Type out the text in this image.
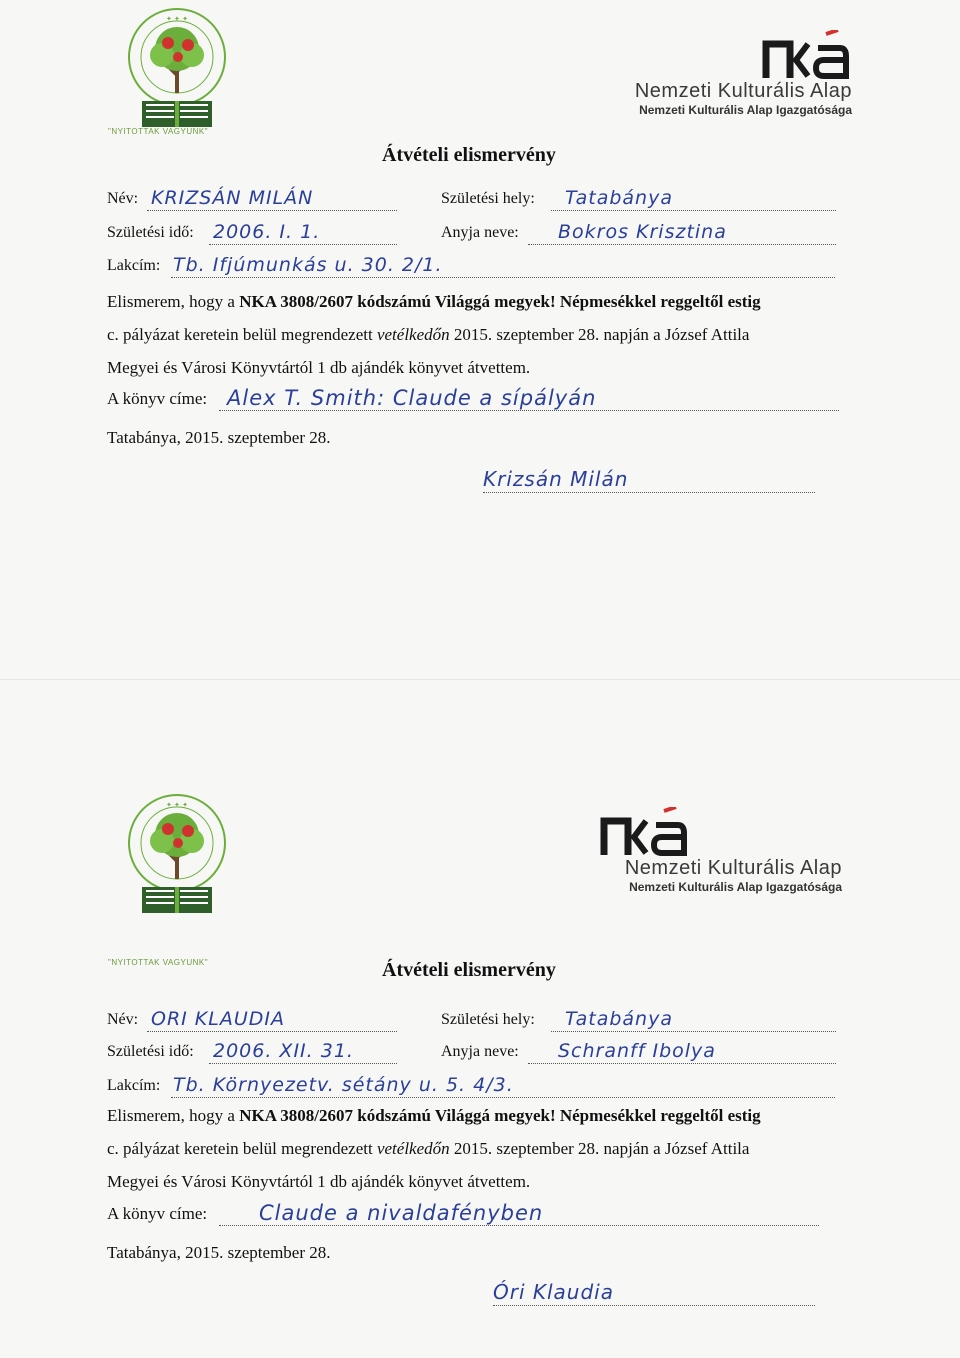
✦ ✦ ✦
"NYITOTTAK VAGYUNK"
Nemzeti Kulturális Alap
Nemzeti Kulturális Alap Igazgatósága
Átvételi elismervény
Név: KRIZSÁN MILÁN	Születési hely: Tatabánya
Születési idő: 2006. I. 1.	Anyja neve: Bokros Krisztina
Lakcím: Tb. Ifjúmunkás u. 30. 2/1.
Elismerem, hogy a NKA 3808/2607 kódszámú Világgá megyek! Népmesékkel reggeltől estig
c. pályázat keretein belül megrendezett vetélkedőn 2015. szeptember 28. napján a József Attila
Megyei és Városi Könyvtártól 1 db ajándék könyvet átvettem.
A könyv címe: Alex T. Smith: Claude a sípályán
Tatabánya, 2015. szeptember 28.
Krizsán Milán
✦ ✦ ✦
"NYITOTTAK VAGYUNK"
Nemzeti Kulturális Alap
Nemzeti Kulturális Alap Igazgatósága
Átvételi elismervény
Név: ORI KLAUDIA	Születési hely: Tatabánya
Születési idő: 2006. XII. 31.	Anyja neve: Schranff Ibolya
Lakcím: Tb. Környezetv. sétány u. 5. 4/3.
Elismerem, hogy a NKA 3808/2607 kódszámú Világgá megyek! Népmesékkel reggeltől estig
c. pályázat keretein belül megrendezett vetélkedőn 2015. szeptember 28. napján a József Attila
Megyei és Városi Könyvtártól 1 db ajándék könyvet átvettem.
A könyv címe: Claude a nivaldafényben
Tatabánya, 2015. szeptember 28.
Óri Klaudia
